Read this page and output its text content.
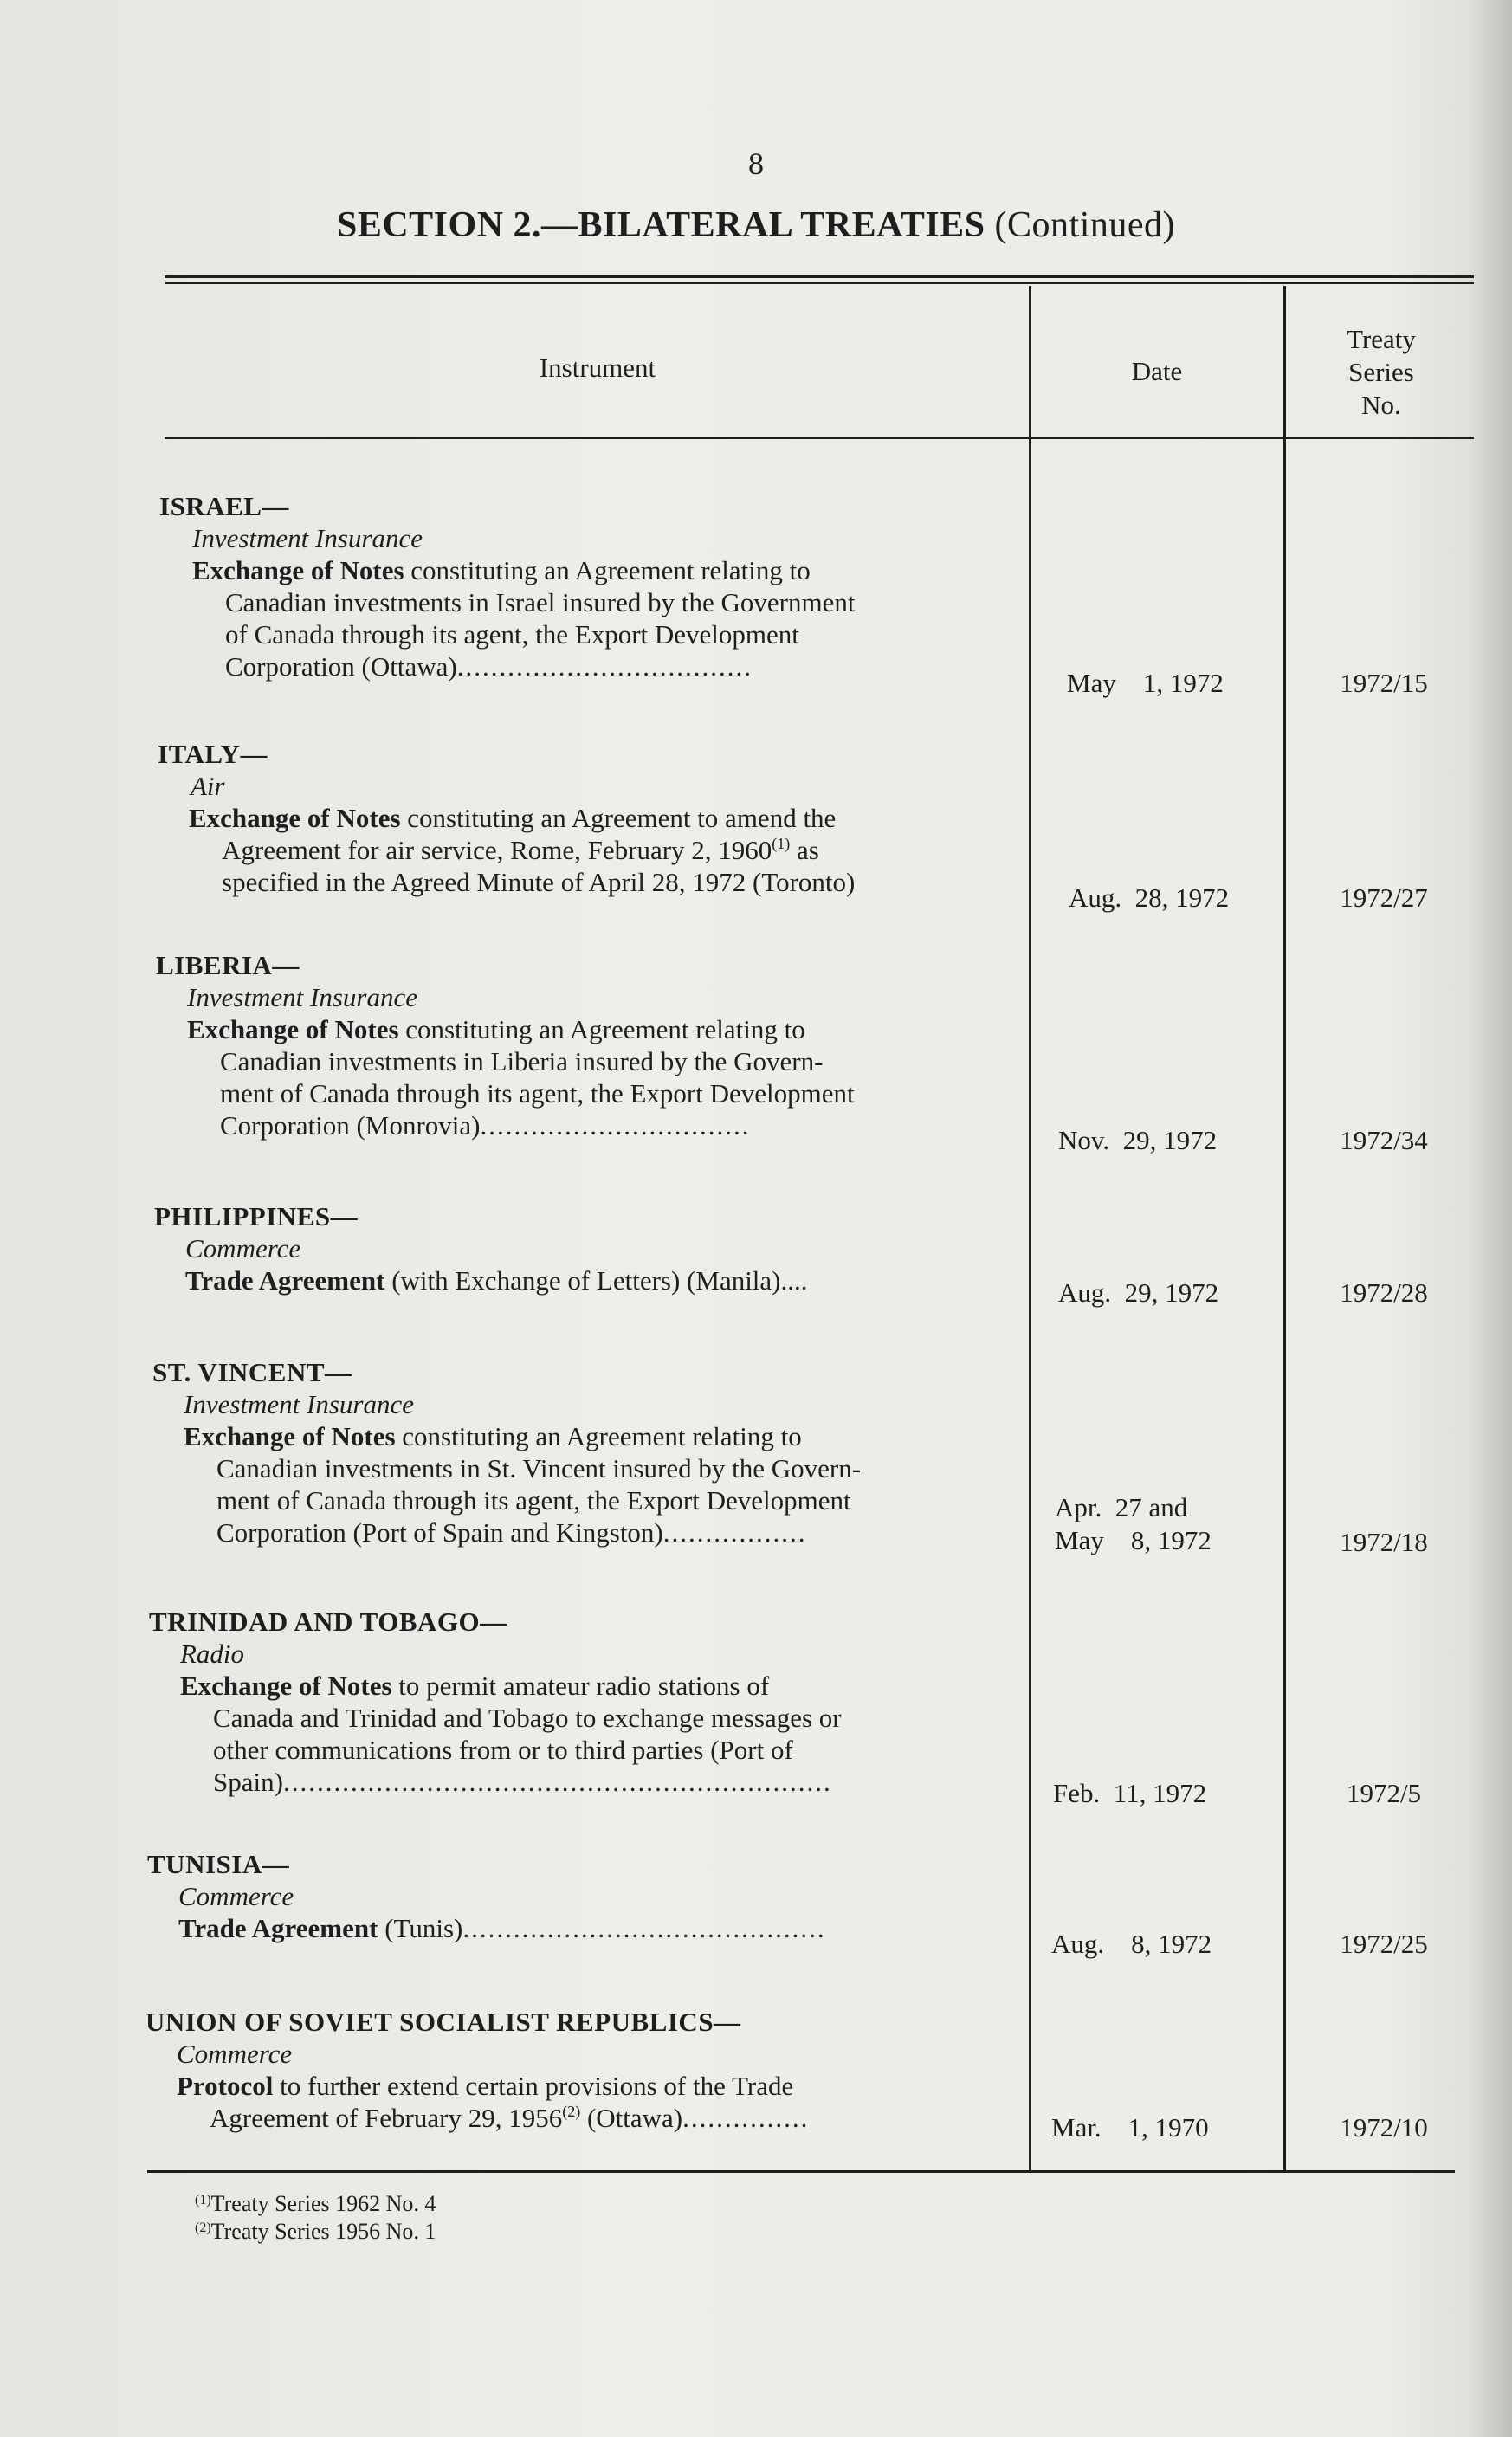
8
SECTION 2.—BILATERAL TREATIES (Continued)
Instrument	Date
Treaty
Series
No.
ISRAEL—
Investment Insurance
Exchange of Notes constituting an Agreement relating to
Canadian investments in Israel insured by the Government
of Canada through its agent, the Export Development
Corporation (Ottawa)...................................
May    1, 1972	1972/15
ITALY—
Air
Exchange of Notes constituting an Agreement to amend the
Agreement for air service, Rome, February 2, 1960$^{(1)}$ as
specified in the Agreed Minute of April 28, 1972 (Toronto)
Aug.  28, 1972	1972/27
LIBERIA—
Investment Insurance
Exchange of Notes constituting an Agreement relating to
Canadian investments in Liberia insured by the Govern-
ment of Canada through its agent, the Export Development
Corporation (Monrovia)................................	Nov.  29, 1972	1972/34
PHILIPPINES—
Commerce
Trade Agreement (with Exchange of Letters) (Manila)....	Aug.  29, 1972	1972/28
ST. VINCENT—
Investment Insurance
Exchange of Notes constituting an Agreement relating to
Canadian investments in St. Vincent insured by the Govern-
ment of Canada through its agent, the Export Development
Corporation (Port of Spain and Kingston).................
Apr.  27 and
May    8, 1972	1972/18
TRINIDAD AND TOBAGO—
Radio
Exchange of Notes to permit amateur radio stations of
Canada and Trinidad and Tobago to exchange messages or
other communications from or to third parties (Port of
Spain).................................................................	Feb.  11, 1972	1972/5
TUNISIA—
Commerce
Trade Agreement (Tunis)...........................................
Aug.    8, 1972	1972/25
UNION OF SOVIET SOCIALIST REPUBLICS—
Commerce
Protocol to further extend certain provisions of the Trade
Agreement of February 29, 1956$^{(2)}$ (Ottawa)...............	Mar.    1, 1970	1972/10
$^{(1)}$Treaty Series 1962 No. 4
$^{(2)}$Treaty Series 1956 No. 1
